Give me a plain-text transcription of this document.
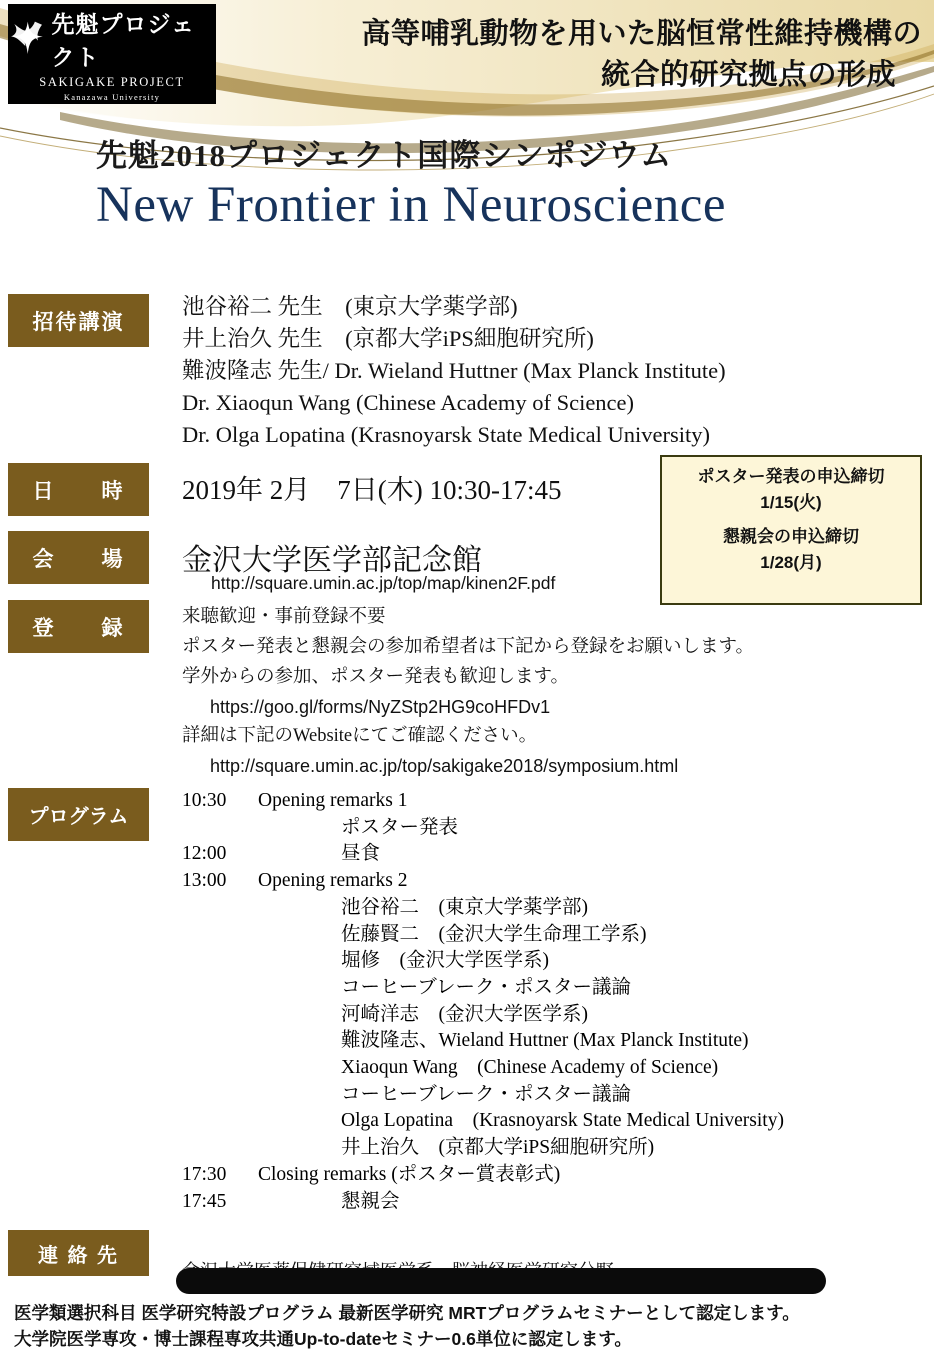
先魁プロジェクト
SAKIGAKE PROJECT
Kanazawa University
高等哺乳動物を用いた脳恒常性維持機構の
統合的研究拠点の形成
先魁2018プロジェクト国際シンポジウム
New Frontier in Neuroscience
招待講演
池谷裕二 先生　(東京大学薬学部)
井上治久 先生　(京都大学iPS細胞研究所)
難波隆志 先生/ Dr. Wieland Huttner (Max Planck Institute)
Dr. Xiaoqun Wang (Chinese Academy of Science)
Dr. Olga Lopatina (Krasnoyarsk State Medical University)
日　　時	2019年 2月　7日(木) 10:30-17:45	ポスター発表の申込締切
1/15(火)
懇親会の申込締切
1/28(月)
会　　場	金沢大学医学部記念館
http://square.umin.ac.jp/top/map/kinen2F.pdf
登　　録	来聴歓迎・事前登録不要
ポスター発表と懇親会の参加希望者は下記から登録をお願いします。
学外からの参加、ポスター発表も歓迎します。
https://goo.gl/forms/NyZStp2HG9coHFDv1
詳細は下記のWebsiteにてご確認ください。
http://square.umin.ac.jp/top/sakigake2018/symposium.html
プログラム
10:30	Opening remarks 1
ポスター発表
12:00	昼食
13:00	Opening remarks 2
池谷裕二　(東京大学薬学部)
佐藤賢二　(金沢大学生命理工学系)
堀修　(金沢大学医学系)
コーヒーブレーク・ポスター議論
河崎洋志　(金沢大学医学系)
難波隆志、Wieland Huttner (Max Planck Institute)
Xiaoqun Wang　(Chinese Academy of Science)
コーヒーブレーク・ポスター議論
Olga Lopatina　(Krasnoyarsk State Medical University)
井上治久　(京都大学iPS細胞研究所)
17:30	Closing remarks (ポスター賞表彰式)
17:45	懇親会
連 絡 先
医学類選択科目 医学研究特設プログラム 最新医学研究 MRTプログラムセミナーとして認定します。
大学院医学専攻・博士課程専攻共通Up-to-dateセミナー0.6単位に認定します。
